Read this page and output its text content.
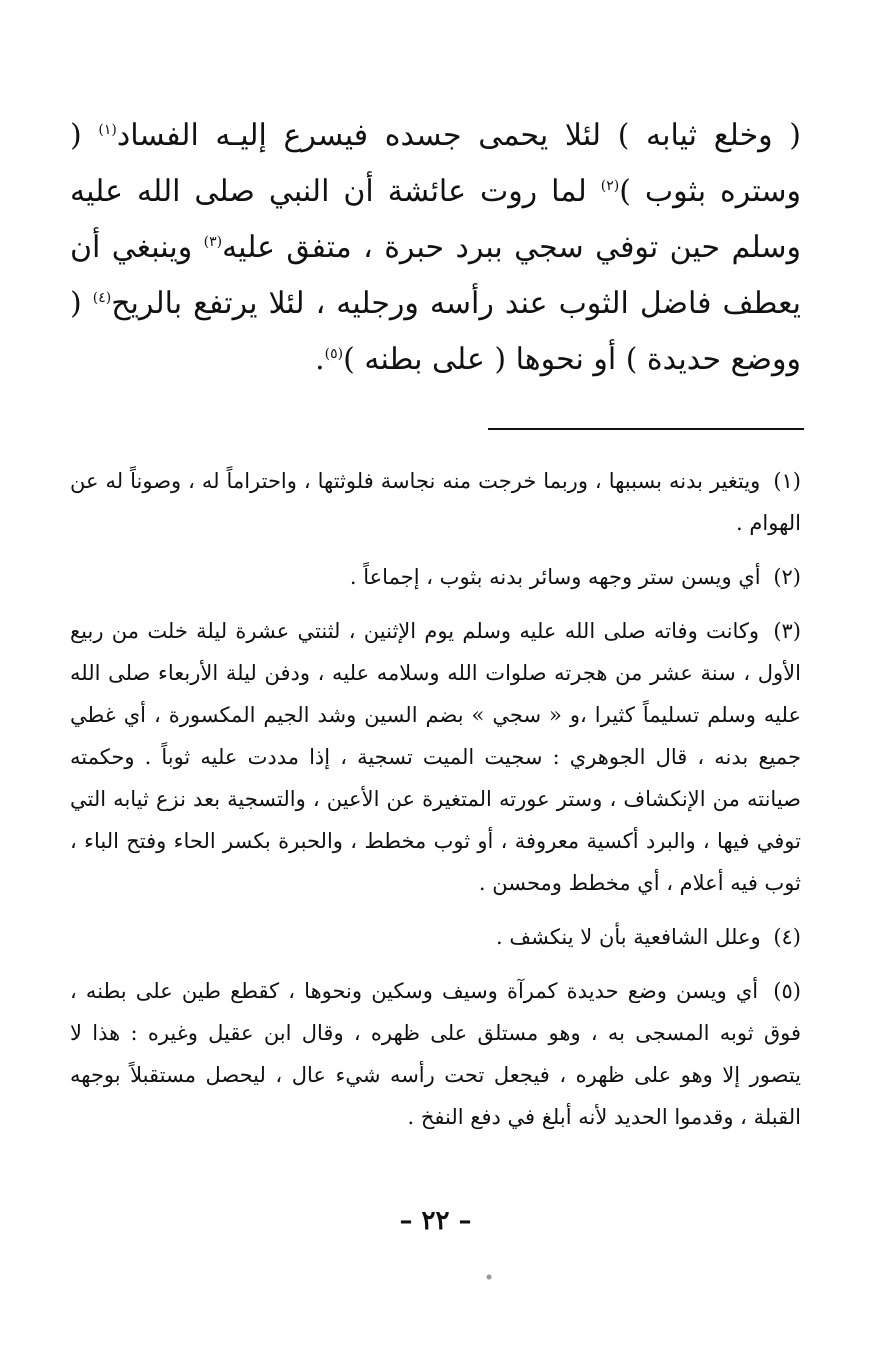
( وخلع ثيابه ) لئلا يحمى جسده فيسرع إليـه الفساد$^{(١)}$ ( وستره بثوب )$^{(٢)}$ لما روت عائشة أن النبي صلى الله عليه وسلم حين توفي سجي ببرد حبرة ، متفق عليه$^{(٣)}$ وينبغي أن يعطف فاضل الثوب عند رأسه ورجليه ، لئلا يرتفع بالريح$^{(٤)}$ ( ووضع حديدة ) أو نحوها ( على بطنه )$^{(٥)}$.

(١) ويتغير بدنه بسببها ، وربما خرجت منه نجاسة فلوثتها ، واحتراماً له ، وصوناً له عن الهوام .

(٢) أي ويسن ستر وجهه وسائر بدنه بثوب ، إجماعاً .

(٣) وكانت وفاته صلى الله عليه وسلم يوم الإثنين ، لثنتي عشرة ليلة خلت من ربيع الأول ، سنة عشر من هجرته صلوات الله وسلامه عليه ، ودفن ليلة الأربعاء صلى الله عليه وسلم تسليماً كثيرا ،و « سجي » بضم السين وشد الجيم المكسورة ، أي غطي جميع بدنه ، قال الجوهري : سجيت الميت تسجية ، إذا مددت عليه ثوباً . وحكمته صيانته من الإنكشاف ، وستر عورته المتغيرة عن الأعين ، والتسجية بعد نزع ثيابه التي توفي فيها ، والبرد أكسية معروفة ، أو ثوب مخطط ، والحبرة بكسر الحاء وفتح الباء ، ثوب فيه أعلام ، أي مخطط ومحسن .

(٤) وعلل الشافعية بأن لا ينكشف .

(٥) أي ويسن وضع حديدة كمرآة وسيف وسكين ونحوها ، كقطع طين على بطنه ، فوق ثوبه المسجى به ، وهو مستلق على ظهره ، وقال ابن عقيل وغيره : هذا لا يتصور إلا وهو على ظهره ، فيجعل تحت رأسه شيء عال ، ليحصل مستقبلاً بوجهه القبلة ، وقدموا الحديد لأنه أبلغ في دفع النفخ .

– ٢٢ –
